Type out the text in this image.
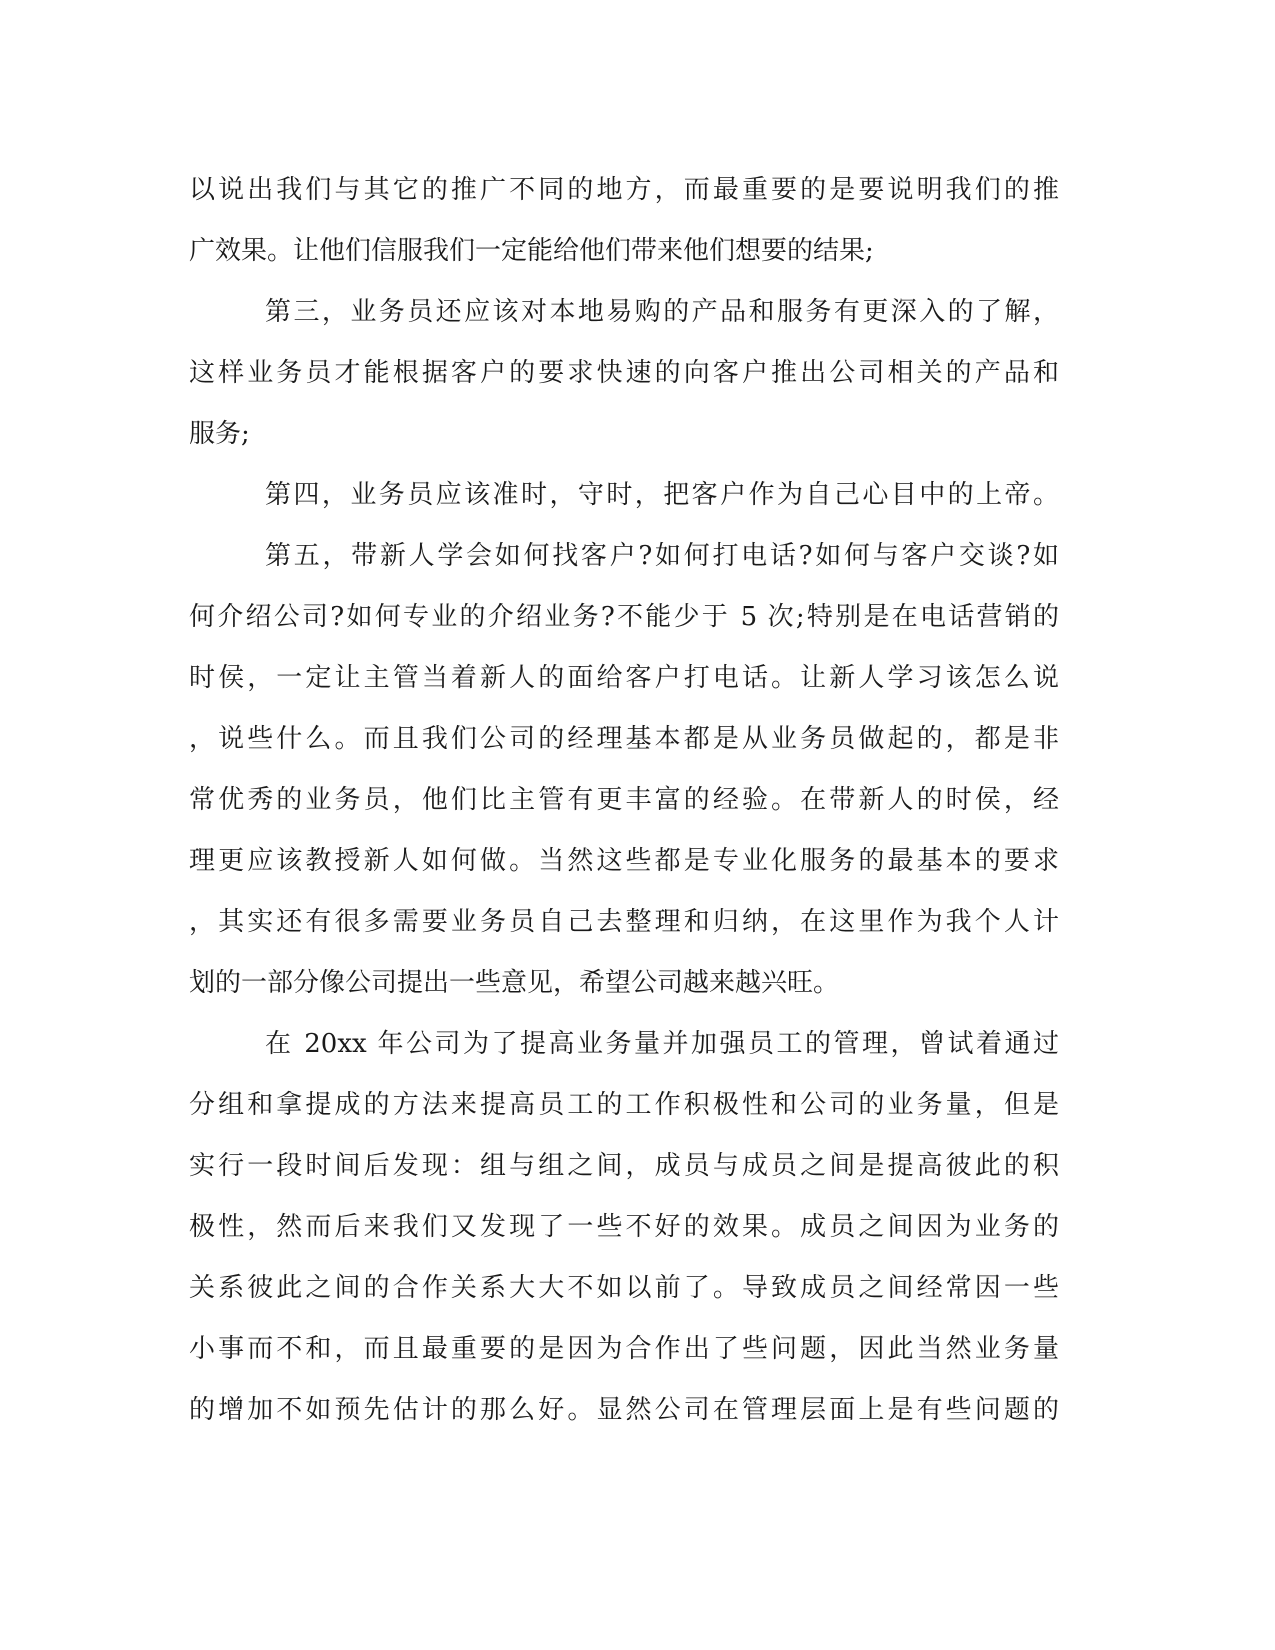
以说出我们与其它的推广不同的地方，而最重要的是要说明我们的推
广效果。让他们信服我们一定能给他们带来他们想要的结果;
第三，业务员还应该对本地易购的产品和服务有更深入的了解，
这样业务员才能根据客户的要求快速的向客户推出公司相关的产品和
服务;
第四，业务员应该准时，守时，把客户作为自己心目中的上帝。
第五，带新人学会如何找客户?如何打电话?如何与客户交谈?如
何介绍公司?如何专业的介绍业务?不能少于 5 次;特别是在电话营销的
时侯，一定让主管当着新人的面给客户打电话。让新人学习该怎么说
，说些什么。而且我们公司的经理基本都是从业务员做起的，都是非
常优秀的业务员，他们比主管有更丰富的经验。在带新人的时侯，经
理更应该教授新人如何做。当然这些都是专业化服务的最基本的要求
，其实还有很多需要业务员自己去整理和归纳，在这里作为我个人计
划的一部分像公司提出一些意见，希望公司越来越兴旺。
在 20xx 年公司为了提高业务量并加强员工的管理，曾试着通过
分组和拿提成的方法来提高员工的工作积极性和公司的业务量，但是
实行一段时间后发现：组与组之间，成员与成员之间是提高彼此的积
极性，然而后来我们又发现了一些不好的效果。成员之间因为业务的
关系彼此之间的合作关系大大不如以前了。导致成员之间经常因一些
小事而不和，而且最重要的是因为合作出了些问题，因此当然业务量
的增加不如预先估计的那么好。显然公司在管理层面上是有些问题的
